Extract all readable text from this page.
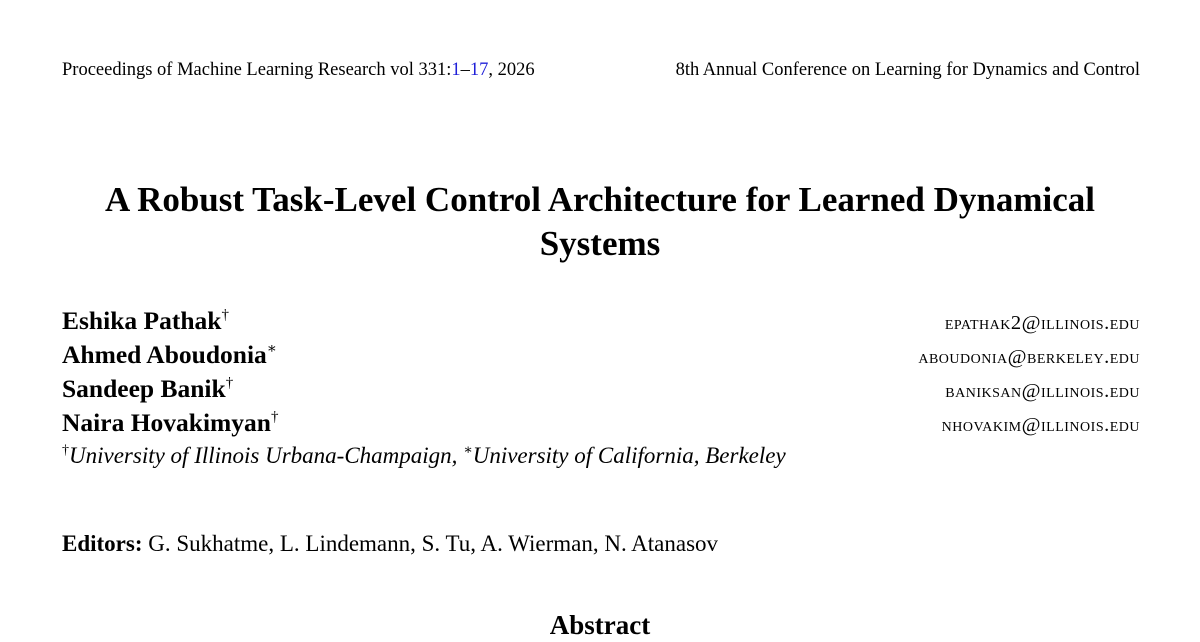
Proceedings of Machine Learning Research vol 331:1–17, 2026	8th Annual Conference on Learning for Dynamics and Control
A Robust Task-Level Control Architecture for Learned Dynamical
Systems
Eshika Pathak†	epathak2@illinois.edu
Ahmed Aboudonia∗	aboudonia@berkeley.edu
Sandeep Banik†	baniksan@illinois.edu
Naira Hovakimyan†	nhovakim@illinois.edu
†University of Illinois Urbana-Champaign, ∗University of California, Berkeley
Editors: G. Sukhatme, L. Lindemann, S. Tu, A. Wierman, N. Atanasov
Abstract
